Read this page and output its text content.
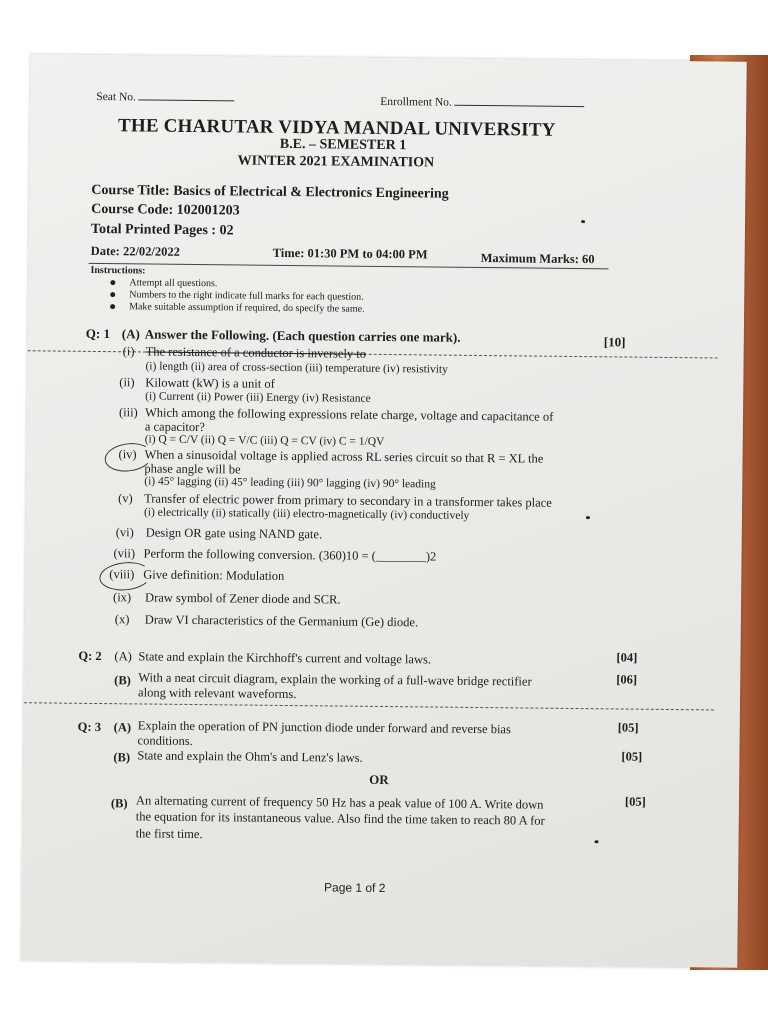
Seat No.	Enrollment No.
THE CHARUTAR VIDYA MANDAL UNIVERSITY
B.E. – SEMESTER 1
WINTER 2021 EXAMINATION
Course Title: Basics of Electrical & Electronics Engineering
Course Code: 102001203
Total Printed Pages : 02
Date: 22/02/2022	Time: 01:30 PM to 04:00 PM	Maximum Marks: 60
Instructions:
Attempt all questions.
Numbers to the right indicate full marks for each question.
Make suitable assumption if required, do specify the same.
Q: 1 (A) Answer the Following. (Each question carries one mark).	[10]
(i) The resistance of a conductor is inversely to
(i) length (ii) area of cross-section (iii) temperature (iv) resistivity
(ii) Kilowatt (kW) is a unit of
(i) Current (ii) Power (iii) Energy (iv) Resistance
(iii) Which among the following expressions relate charge, voltage and capacitance of
a capacitor?
(i) Q = C/V (ii) Q = V/C (iii) Q = CV (iv) C = 1/QV
(iv) When a sinusoidal voltage is applied across RL series circuit so that R = XL the
phase angle will be
(i) 45° lagging (ii) 45° leading (iii) 90° lagging (iv) 90° leading
(v) Transfer of electric power from primary to secondary in a transformer takes place
(i) electrically (ii) statically (iii) electro-magnetically (iv) conductively
(vi) Design OR gate using NAND gate.
(vii) Perform the following conversion. (360)10 = (________)2
(viii) Give definition: Modulation
(ix) Draw symbol of Zener diode and SCR.
(x) Draw VI characteristics of the Germanium (Ge) diode.
Q: 2 (A) State and explain the Kirchhoff's current and voltage laws.	[04]
(B) With a neat circuit diagram, explain the working of a full-wave bridge rectifier
along with relevant waveforms.
[06]
Q: 3 (A) Explain the operation of PN junction diode under forward and reverse bias
conditions.
[05]
(B) State and explain the Ohm's and Lenz's laws.	[05]
OR
(B) An alternating current of frequency 50 Hz has a peak value of 100 A. Write down
the equation for its instantaneous value. Also find the time taken to reach 80 A for
the first time.
[05]
Page 1 of 2
